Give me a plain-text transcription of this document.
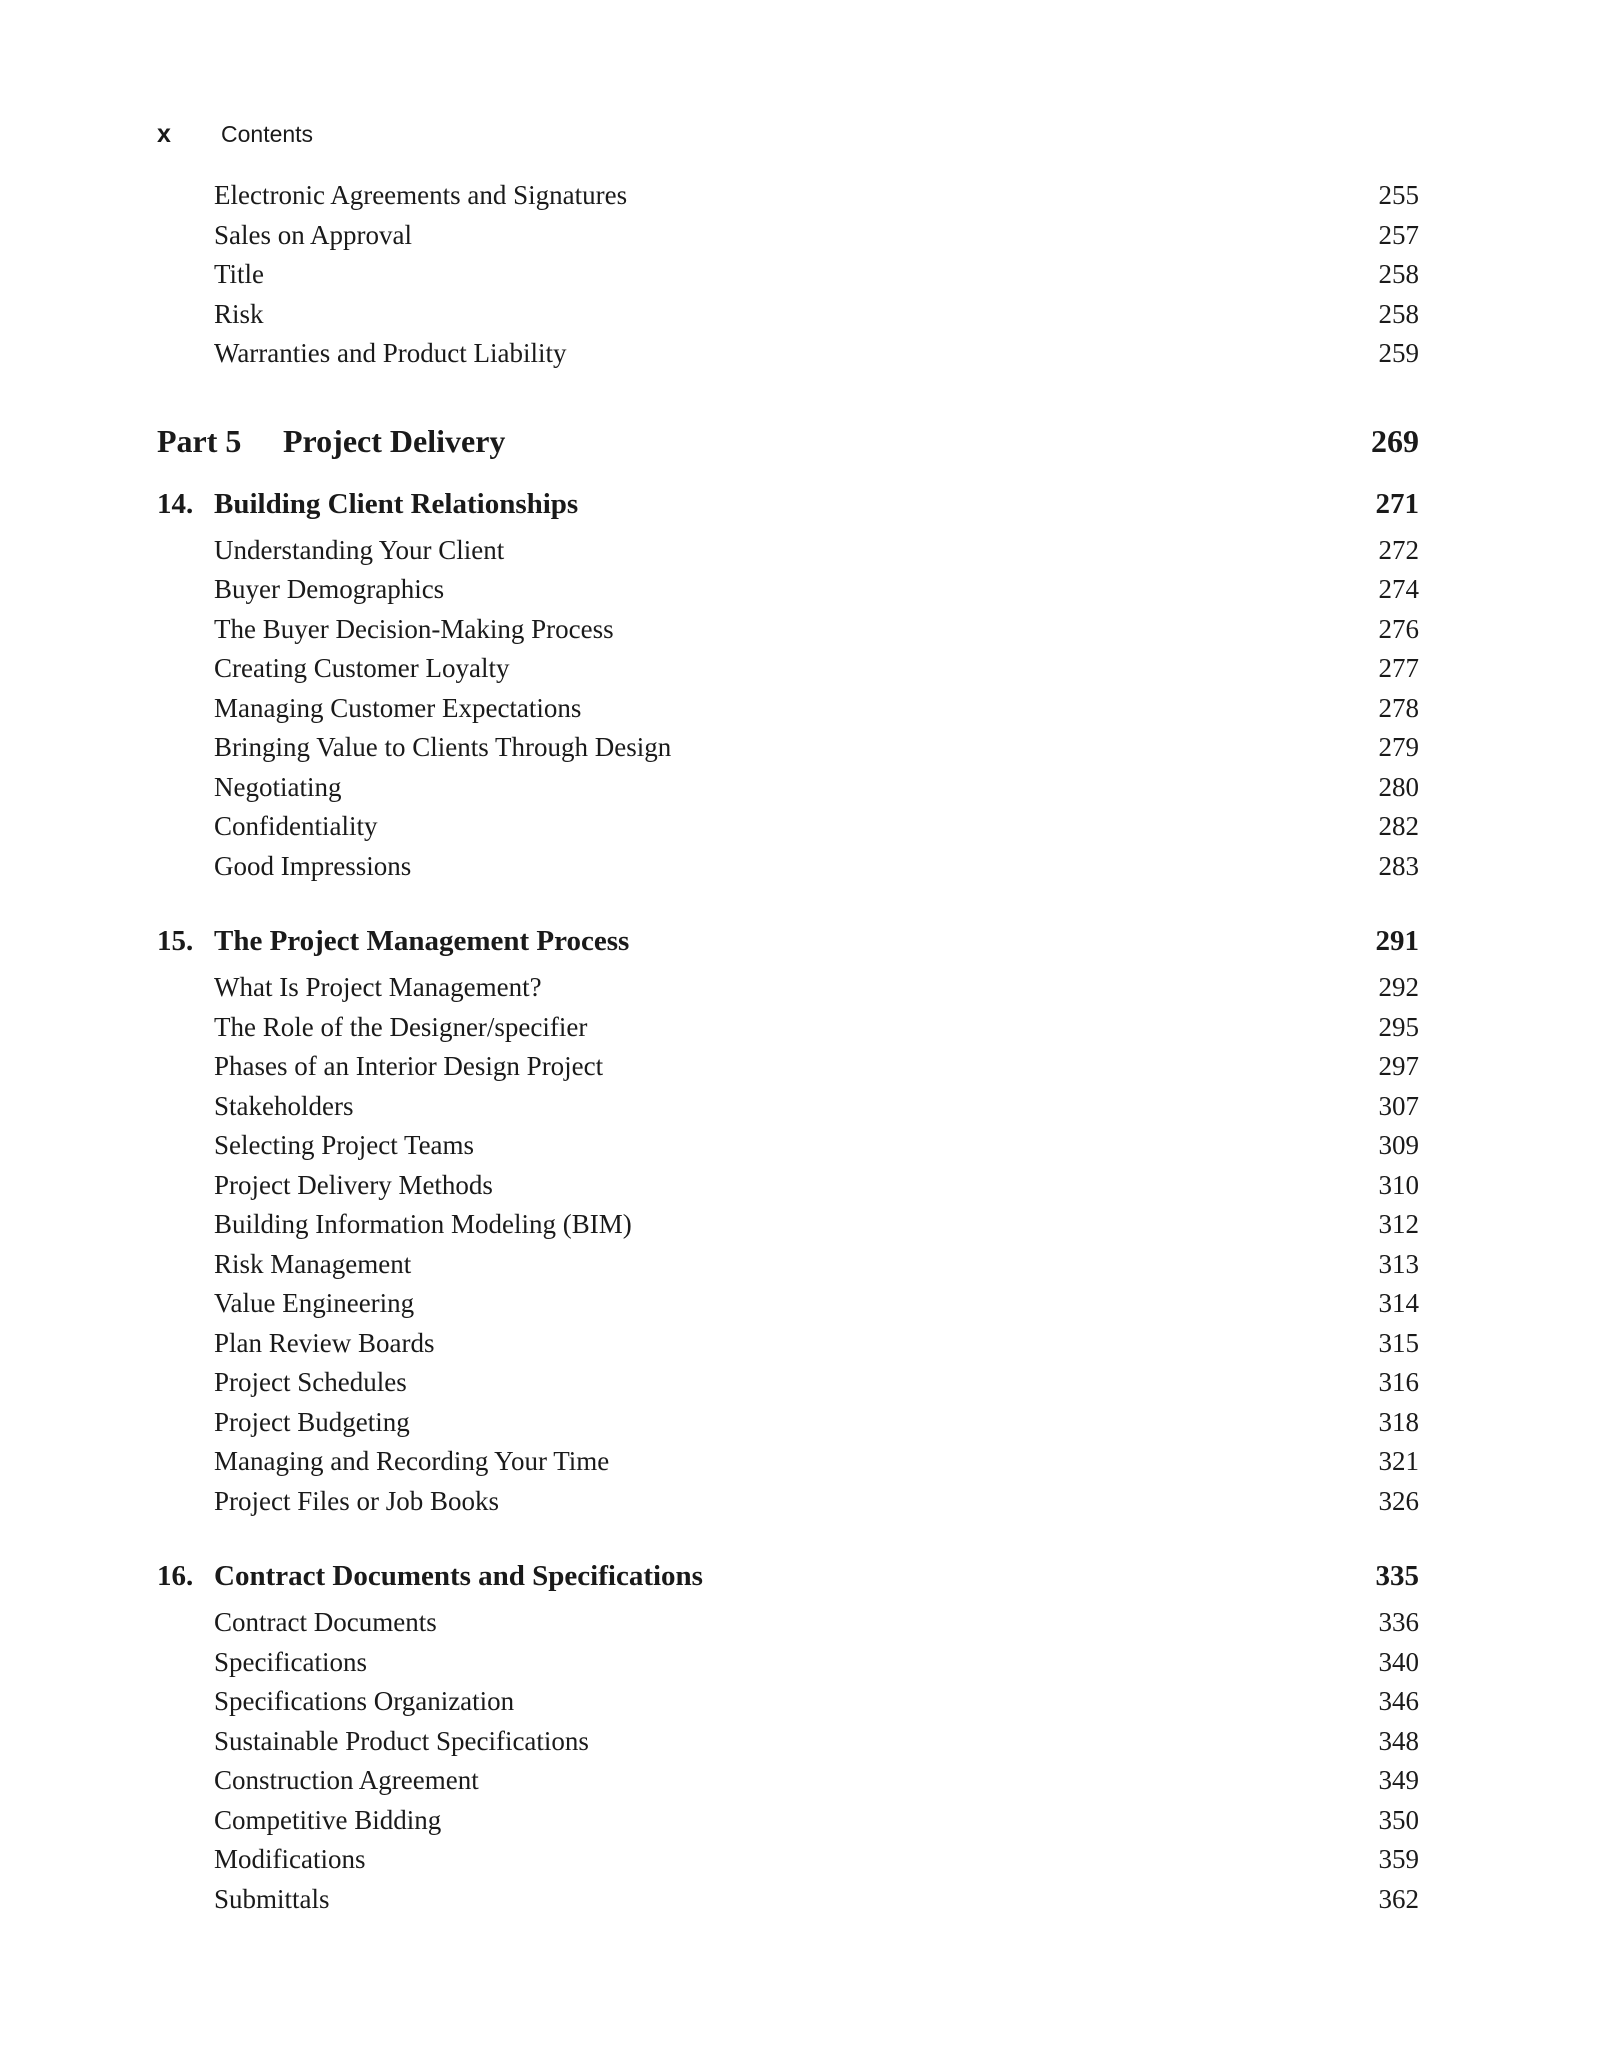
x	Contents
Electronic Agreements and Signatures	255
Sales on Approval	257
Title	258
Risk	258
Warranties and Product Liability	259
Part 5 Project Delivery	269
14. Building Client Relationships	271
Understanding Your Client	272
Buyer Demographics	274
The Buyer Decision-Making Process	276
Creating Customer Loyalty	277
Managing Customer Expectations	278
Bringing Value to Clients Through Design	279
Negotiating	280
Confidentiality	282
Good Impressions	283
15. The Project Management Process	291
What Is Project Management?	292
The Role of the Designer/specifier	295
Phases of an Interior Design Project	297
Stakeholders	307
Selecting Project Teams	309
Project Delivery Methods	310
Building Information Modeling (BIM)	312
Risk Management	313
Value Engineering	314
Plan Review Boards	315
Project Schedules	316
Project Budgeting	318
Managing and Recording Your Time	321
Project Files or Job Books	326
16. Contract Documents and Specifications	335
Contract Documents	336
Specifications	340
Specifications Organization	346
Sustainable Product Specifications	348
Construction Agreement	349
Competitive Bidding	350
Modifications	359
Submittals	362
